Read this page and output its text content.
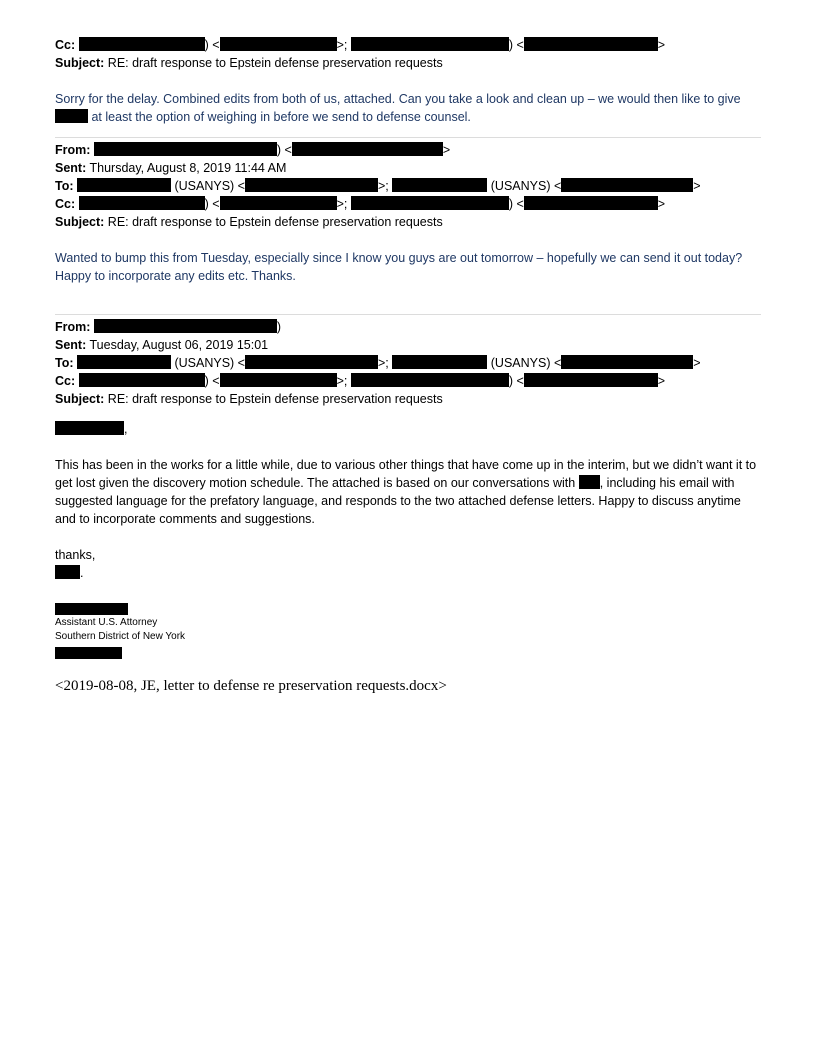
Cc:	) <	>;	) <	>
Subject: RE: draft response to Epstein defense preservation requests

Sorry for the delay. Combined edits from both of us, attached. Can you take a look and clean up – we would then like to give  at least the option of weighing in before we send to defense counsel.

From:	) <	>
Sent: Thursday, August 8, 2019 11:44 AM
To:	(USANYS) <	>;	(USANYS) <	>
Cc:	) <	>;	) <	>
Subject: RE: draft response to Epstein defense preservation requests

Wanted to bump this from Tuesday, especially since I know you guys are out tomorrow – hopefully we can send it out today? Happy to incorporate any edits etc. Thanks.

From:	)
Sent: Tuesday, August 06, 2019 15:01
To:	(USANYS) <	>;	(USANYS) <	>
Cc:	) <	>;	) <	>
Subject: RE: draft response to Epstein defense preservation requests
,

This has been in the works for a little while, due to various other things that have come up in the interim, but we didn’t want it to get lost given the discovery motion schedule. The attached is based on our conversations with , including his email with suggested language for the prefatory language, and responds to the two attached defense letters. Happy to discuss anytime and to incorporate comments and suggestions.

thanks,
.
Assistant U.S. Attorney
Southern District of New York
<2019-08-08, JE, letter to defense re preservation requests.docx>
